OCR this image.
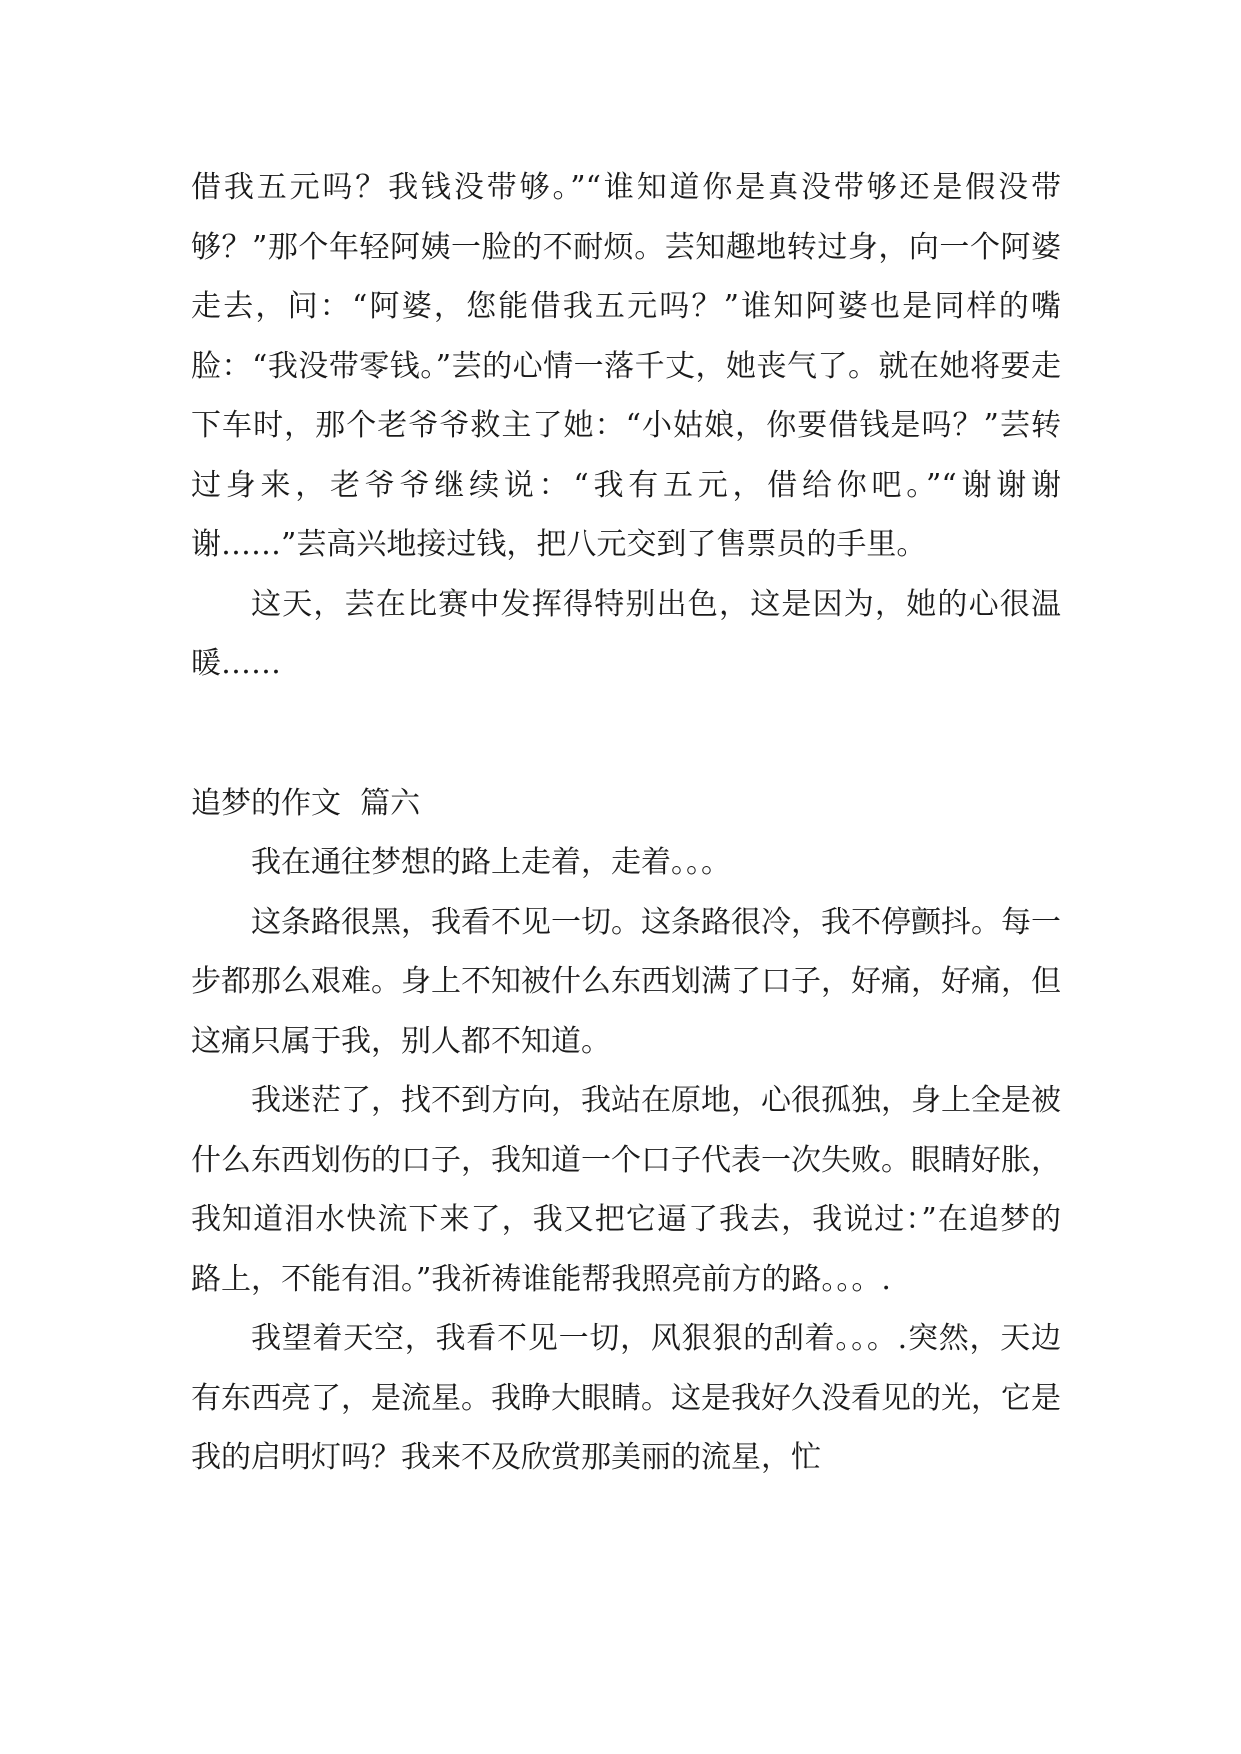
借我五元吗？我钱没带够。”“谁知道你是真没带够还是假没带够？”那个年轻阿姨一脸的不耐烦。芸知趣地转过身，向一个阿婆走去，问：“阿婆，您能借我五元吗？”谁知阿婆也是同样的嘴脸：“我没带零钱。”芸的心情一落千丈，她丧气了。就在她将要走下车时，那个老爷爷救主了她：“小姑娘，你要借钱是吗？”芸转过身来，老爷爷继续说：“我有五元，借给你吧。”“谢谢谢谢……”芸高兴地接过钱，把八元交到了售票员的手里。

这天，芸在比赛中发挥得特别出色，这是因为，她的心很温暖……

追梦的作文  篇六

我在通往梦想的路上走着，走着。。。

这条路很黑，我看不见一切。这条路很冷，我不停颤抖。每一步都那么艰难。身上不知被什么东西划满了口子，好痛，好痛，但这痛只属于我，别人都不知道。

我迷茫了，找不到方向，我站在原地，心很孤独，身上全是被什么东西划伤的口子，我知道一个口子代表一次失败。眼睛好胀，我知道泪水快流下来了，我又把它逼了我去，我说过：”在追梦的路上，不能有泪。”我祈祷谁能帮我照亮前方的路。。。.

我望着天空，我看不见一切，风狠狠的刮着。。。.突然，天边有东西亮了，是流星。我睁大眼睛。这是我好久没看见的光，它是我的启明灯吗？我来不及欣赏那美丽的流星，忙
